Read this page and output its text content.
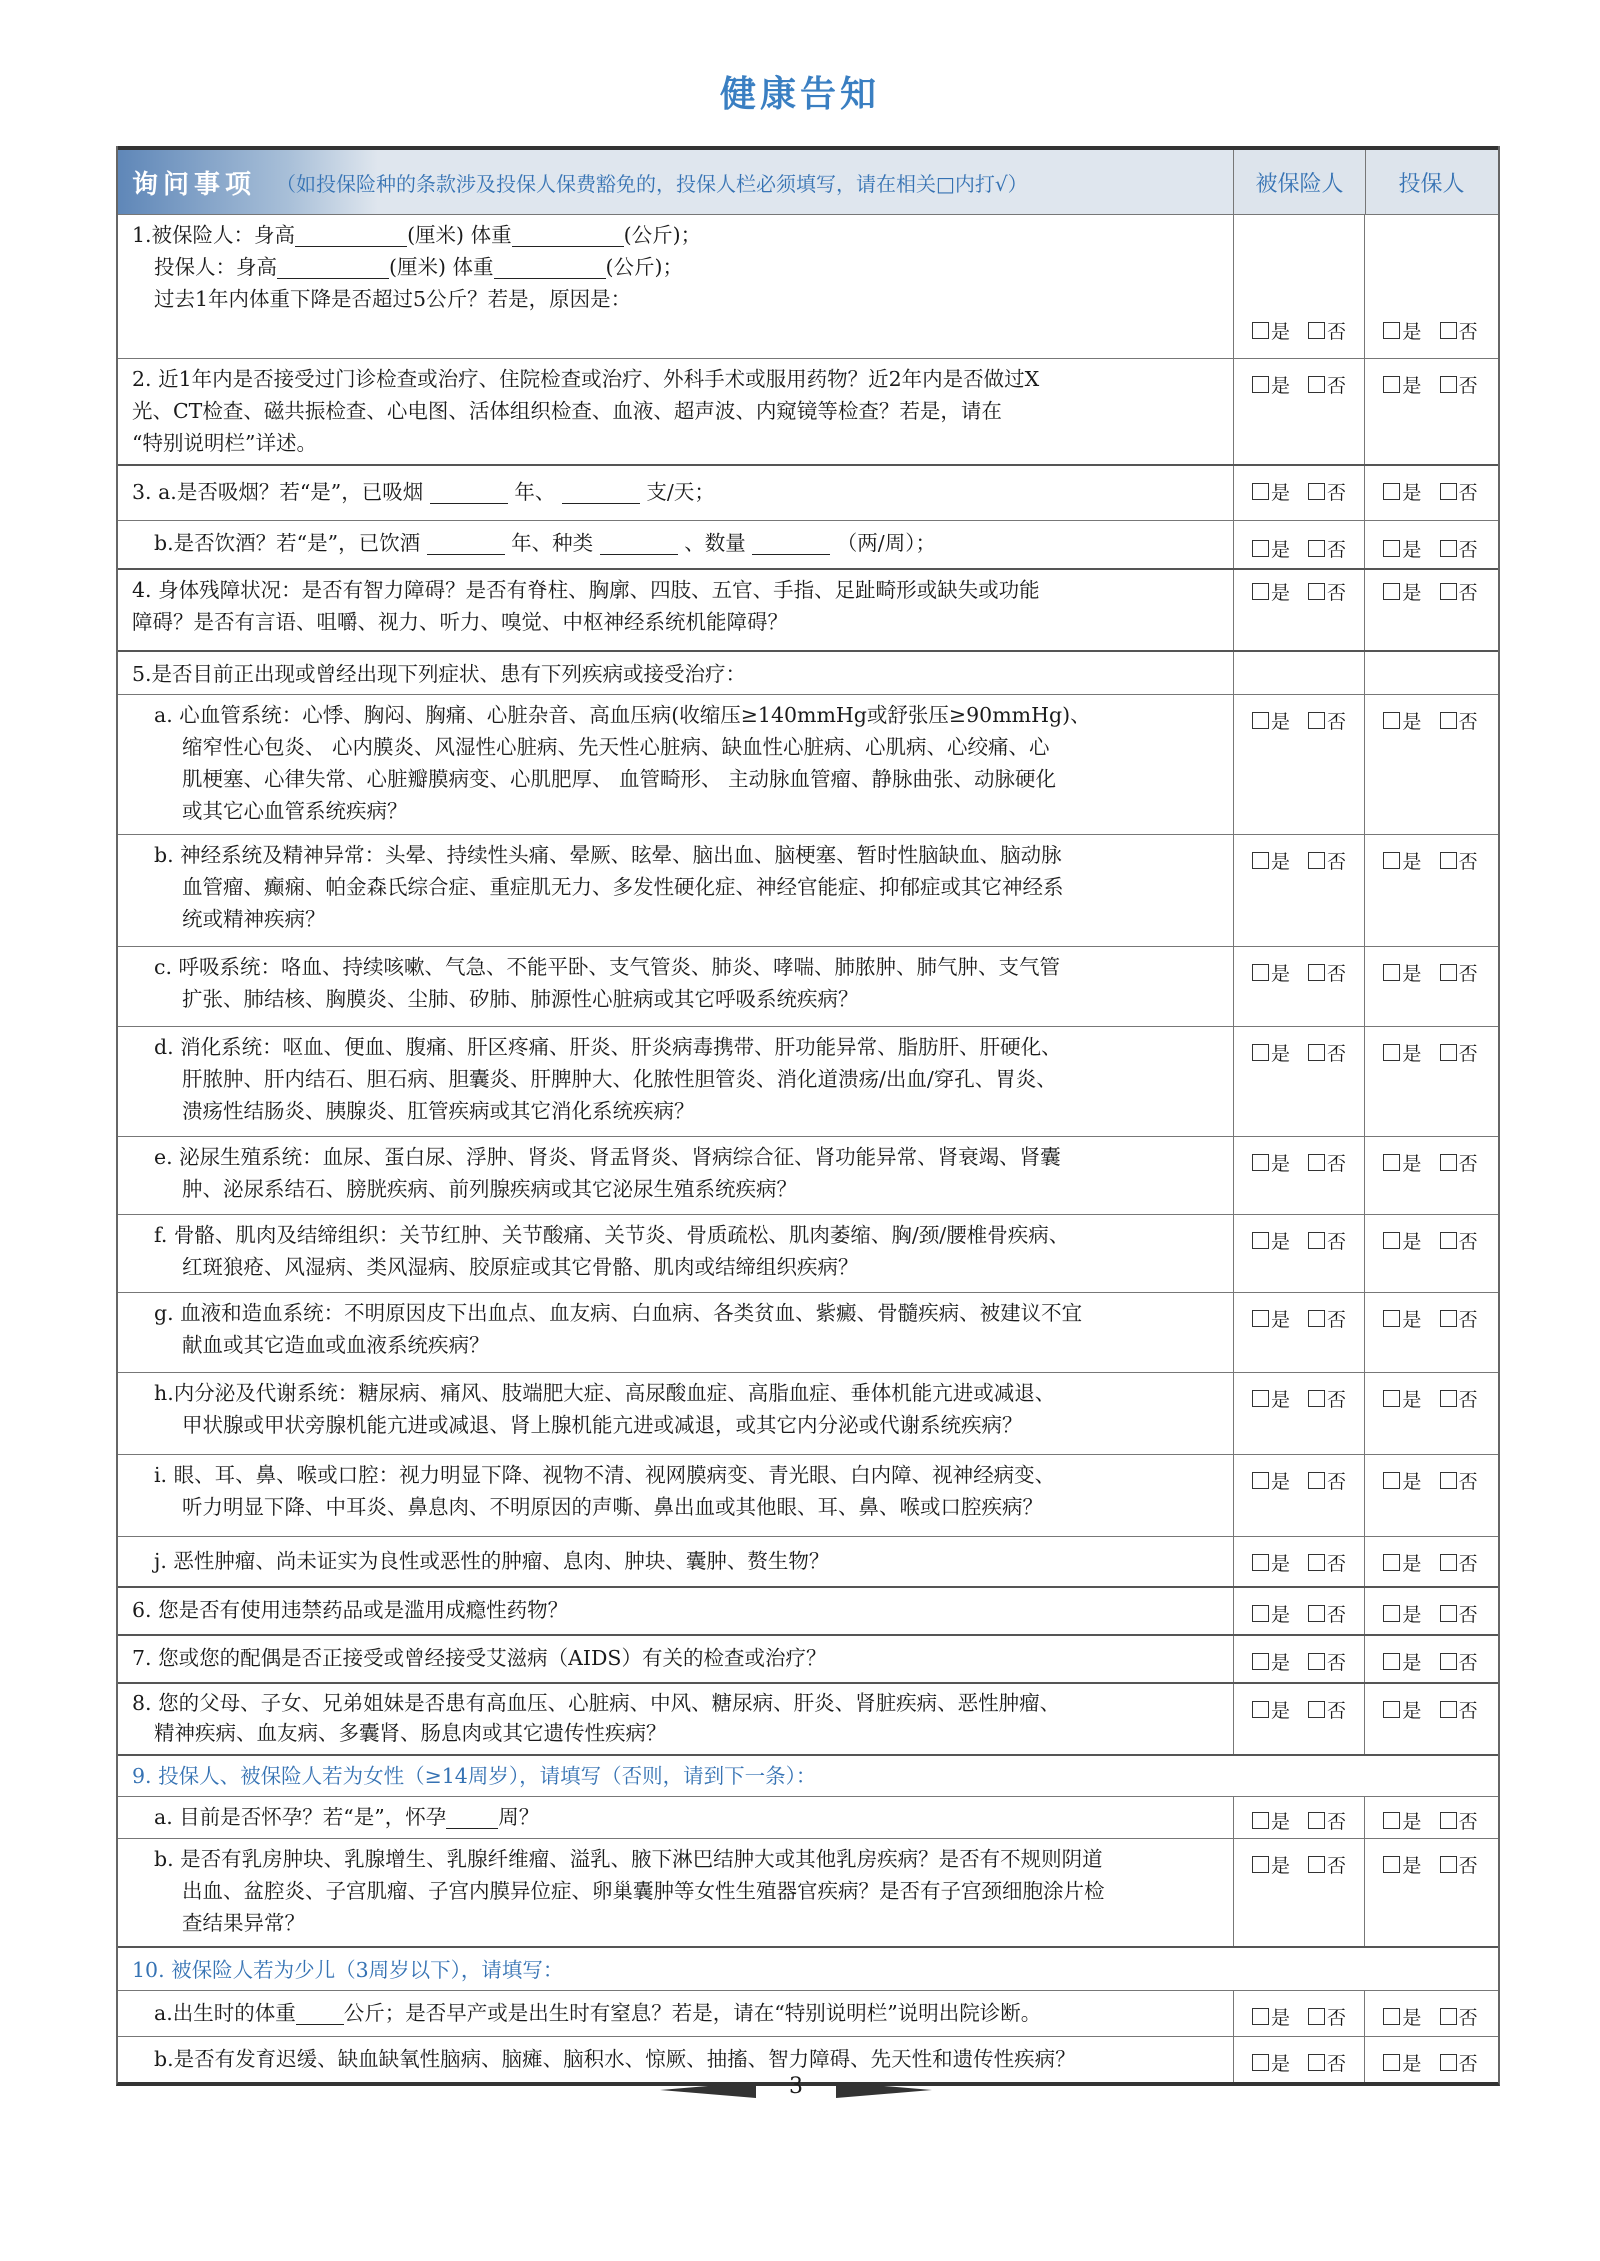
健康告知
询问事项 （如投保险种的条款涉及投保人保费豁免的，投保人栏必须填写，请在相关□内打√）	被保险人	投保人
1.被保险人：身高	(厘米) 体重	(公斤)；
投保人：身高	(厘米) 体重	(公斤)；
过去1年内体重下降是否超过5公斤？若是，原因是：
是 否	是 否
2. 近1年内是否接受过门诊检查或治疗、住院检查或治疗、外科手术或服用药物？近2年内是否做过X
光、CT检查、磁共振检查、心电图、活体组织检查、血液、超声波、内窥镜等检查？若是，请在
“特别说明栏”详述。
是 否	是 否
3. a.是否吸烟？若“是”，已吸烟	年、	支/天；	是 否	是 否
b.是否饮酒？若“是”，已饮酒	年、种类	、数量	（两/周）；	是 否	是 否
4. 身体残障状况：是否有智力障碍？是否有脊柱、胸廓、四肢、五官、手指、足趾畸形或缺失或功能
障碍？是否有言语、咀嚼、视力、听力、嗅觉、中枢神经系统机能障碍？
是 否	是 否
5.是否目前正出现或曾经出现下列症状、患有下列疾病或接受治疗：
a. 心血管系统：心悸、胸闷、胸痛、心脏杂音、高血压病(收缩压≥140mmHg或舒张压≥90mmHg)、
缩窄性心包炎、 心内膜炎、风湿性心脏病、先天性心脏病、缺血性心脏病、心肌病、心绞痛、心
肌梗塞、心律失常、心脏瓣膜病变、心肌肥厚、 血管畸形、 主动脉血管瘤、静脉曲张、动脉硬化
或其它心血管系统疾病？
是 否	是 否
b. 神经系统及精神异常：头晕、持续性头痛、晕厥、眩晕、脑出血、脑梗塞、暂时性脑缺血、脑动脉
血管瘤、癫痫、帕金森氏综合症、重症肌无力、多发性硬化症、神经官能症、抑郁症或其它神经系
统或精神疾病？
是 否	是 否
c. 呼吸系统：咯血、持续咳嗽、气急、不能平卧、支气管炎、肺炎、哮喘、肺脓肿、肺气肿、支气管
扩张、肺结核、胸膜炎、尘肺、矽肺、肺源性心脏病或其它呼吸系统疾病？
是 否	是 否
d. 消化系统：呕血、便血、腹痛、肝区疼痛、肝炎、肝炎病毒携带、肝功能异常、脂肪肝、肝硬化、
肝脓肿、肝内结石、胆石病、胆囊炎、肝脾肿大、化脓性胆管炎、消化道溃疡/出血/穿孔、胃炎、
溃疡性结肠炎、胰腺炎、肛管疾病或其它消化系统疾病？
是 否	是 否
e. 泌尿生殖系统：血尿、蛋白尿、浮肿、肾炎、肾盂肾炎、肾病综合征、肾功能异常、肾衰竭、肾囊
肿、泌尿系结石、膀胱疾病、前列腺疾病或其它泌尿生殖系统疾病？
是 否	是 否
f. 骨骼、肌肉及结缔组织：关节红肿、关节酸痛、关节炎、骨质疏松、肌肉萎缩、胸/颈/腰椎骨疾病、
红斑狼疮、风湿病、类风湿病、胶原症或其它骨骼、肌肉或结缔组织疾病？
是 否	是 否
g. 血液和造血系统：不明原因皮下出血点、血友病、白血病、各类贫血、紫癜、骨髓疾病、被建议不宜
献血或其它造血或血液系统疾病？
是 否	是 否
h.内分泌及代谢系统：糖尿病、痛风、肢端肥大症、高尿酸血症、高脂血症、垂体机能亢进或减退、
甲状腺或甲状旁腺机能亢进或减退、肾上腺机能亢进或减退，或其它内分泌或代谢系统疾病？
是 否	是 否
i. 眼、耳、鼻、喉或口腔：视力明显下降、视物不清、视网膜病变、青光眼、白内障、视神经病变、
听力明显下降、中耳炎、鼻息肉、不明原因的声嘶、鼻出血或其他眼、耳、鼻、喉或口腔疾病？
是 否	是 否
j. 恶性肿瘤、尚未证实为良性或恶性的肿瘤、息肉、肿块、囊肿、赘生物？	是 否	是 否
6. 您是否有使用违禁药品或是滥用成瘾性药物？	是 否	是 否
7. 您或您的配偶是否正接受或曾经接受艾滋病（AIDS）有关的检查或治疗？	是 否	是 否
8. 您的父母、子女、兄弟姐妹是否患有高血压、心脏病、中风、糖尿病、肝炎、肾脏疾病、恶性肿瘤、
精神疾病、血友病、多囊肾、肠息肉或其它遗传性疾病？
是 否	是 否
9. 投保人、被保险人若为女性（≥14周岁），请填写（否则，请到下一条）：
a. 目前是否怀孕？若“是”，怀孕	周？	是 否	是 否
b. 是否有乳房肿块、乳腺增生、乳腺纤维瘤、溢乳、腋下淋巴结肿大或其他乳房疾病？是否有不规则阴道
出血、盆腔炎、子宫肌瘤、子宫内膜异位症、卵巢囊肿等女性生殖器官疾病？是否有子宫颈细胞涂片检
查结果异常？
是 否	是 否
10. 被保险人若为少儿（3周岁以下），请填写：
a.出生时的体重 公斤；是否早产或是出生时有窒息？若是，请在“特别说明栏”说明出院诊断。	是 否	是 否
b.是否有发育迟缓、缺血缺氧性脑病、脑瘫、脑积水、惊厥、抽搐、智力障碍、先天性和遗传性疾病？	是 否	是 否
3
